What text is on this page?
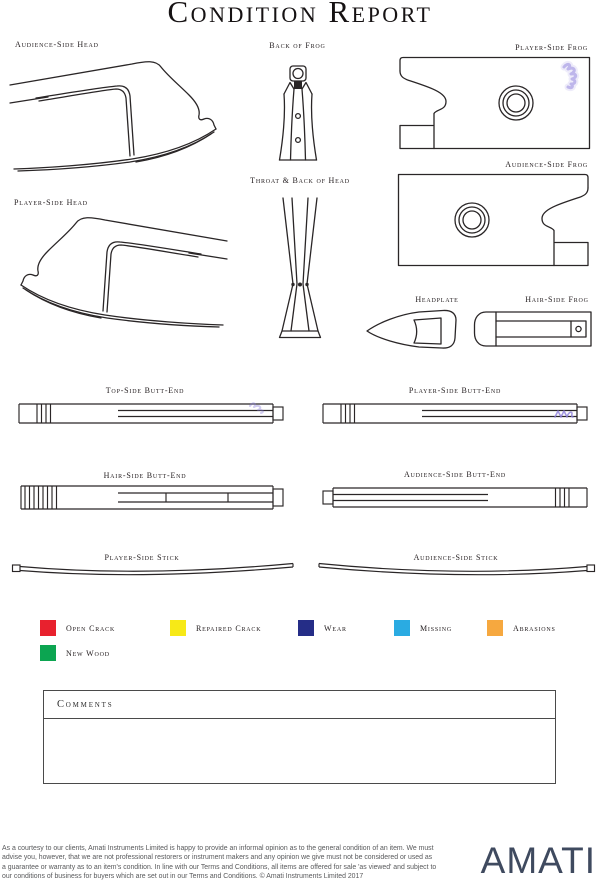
Condition Report
Audience-Side Head	Back of Frog	Player-Side Frog
Audience-Side Frog
Player-Side Head
Throat & Back of Head
Headplate	Hair-Side Frog
Top-Side Butt-End	Player-Side Butt-End
Hair-Side Butt-End	Audience-Side Butt-End
Player-Side Stick	Audience-Side Stick
Open Crack	Repaired Crack	Wear	Missing	Abrasions
New Wood
Comments
As a courtesy to our clients, Amati Instruments Limited is happy to provide an informal opinion as to the general condition of an item. We must
advise you, however, that we are not professional restorers or instrument makers and any opinion we give must not be considered or used as
a guarantee or warranty as to an item's condition. In line with our Terms and Conditions, all items are offered for sale 'as viewed' and subject to
our conditions of business for buyers which are set out in our Terms and Conditions. © Amati Instruments Limited 2017	AMATI
